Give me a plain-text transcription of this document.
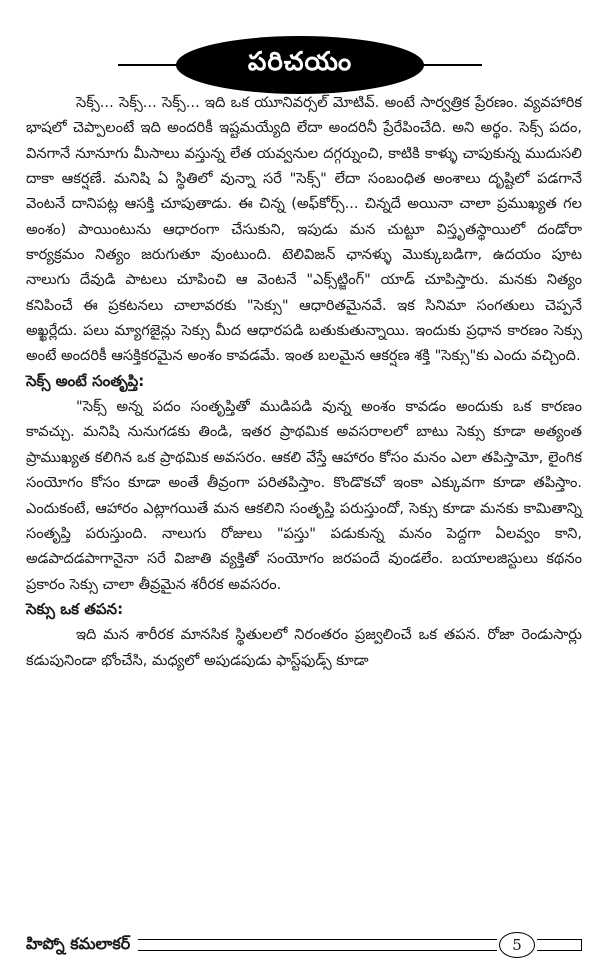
పరిచయం

సెక్స్... సెక్స్... సెక్స్... ఇది ఒక యూనివర్సల్ మోటివ్. అంటే సార్వత్రిక ప్రేరణం. వ్యవహారిక భాషలో చెప్పాలంటే ఇది అందరికీ ఇష్టమయ్యేది లేదా అందరినీ ప్రేరేపించేది. అని అర్థం. సెక్స్ పదం, వినగానే నూనూగు మీసాలు వస్తున్న లేత యవ్వనుల దగ్గర్నుంచి, కాటికి కాళ్ళు చాపుకున్న ముదుసలి దాకా ఆకర్షణే. మనిషి ఏ స్థితిలో వున్నా సరే "సెక్స్" లేదా సంబంధిత అంశాలు దృష్టిలో పడగానే వెంటనే దానిపట్ల ఆసక్తి చూపుతాడు. ఈ చిన్న (అఫ్‌కోర్స్... చిన్నదే అయినా చాలా ప్రముఖ్యత గల అంశం) పాయింటును ఆధారంగా చేసుకుని, ఇపుడు మన చుట్టూ విస్తృతస్థాయిలో దండోరా కార్యక్రమం నిత్యం జరుగుతూ వుంటుంది. టెలివిజన్ ఛానళ్ళు మొక్కుబడిగా, ఉదయం పూట నాలుగు దేవుడి పాటలు చూపించి ఆ వెంటనే "ఎక్స్‌ట్జింగ్" యాడ్ చూపిస్తారు. మనకు నిత్యం కనిపించే ఈ ప్రకటనలు చాలావరకు "సెక్సు" ఆధారితమైనవే. ఇక సినిమా సంగతులు చెప్పనే అఖ్ఖర్లేదు. పలు మ్యాగజైన్లు సెక్సు మీద ఆధారపడి బతుకుతున్నాయి. ఇందుకు ప్రధాన కారణం సెక్సు అంటే అందరికీ ఆసక్తికరమైన అంశం కావడమే. ఇంత బలమైన ఆకర్షణ శక్తి "సెక్సు"కు ఎందు వచ్చింది.

సెక్స్ అంటే సంతృప్తి:

"సెక్స్ అన్న పదం సంతృప్తితో ముడిపడి వున్న అంశం కావడం అందుకు ఒక కారణం కావచ్చు. మనిషి నునుగడకు తిండి, ఇతర ప్రాథమిక అవసరాలలో బాటు సెక్సు కూడా అత్యంత ప్రాముఖ్యత కలిగిన ఒక ప్రాథమిక అవసరం. ఆకలి వేస్తే ఆహారం కోసం మనం ఎలా తపిస్తామో, లైంగిక సంయోగం కోసం కూడా అంతే తీవ్రంగా పరితపిస్తాం. కొండొకచో ఇంకా ఎక్కువగా కూడా తపిస్తాం. ఎందుకంటే, ఆహారం ఎట్లాగయితే మన ఆకలిని సంతృప్తి పరుస్తుందో, సెక్సు కూడా మనకు కామితాన్ని సంతృప్తి పరుస్తుంది. నాలుగు రోజులు "పస్తు" పడుకున్న మనం పెద్దగా ఏలవ్వం కాని, అడపాదడపాగానైనా సరే విజాతి వ్యక్తితో సంయోగం జరపందే వుండలేం. బయాలజిస్టులు కథనం ప్రకారం సెక్సు చాలా తీవ్రమైన శరీరక అవసరం.

సెక్సు ఒక తపన:

ఇది మన శారీరక మానసిక స్థితులలో నిరంతరం ప్రజ్వలించే ఒక తపన. రోజా రెండుసార్లు కడుపునిండా భోంచేసి, మధ్యలో అపుడపుడు ఫాస్ట్‌ఫుడ్స్ కూడా

హిప్నో కమలాకర్	5
